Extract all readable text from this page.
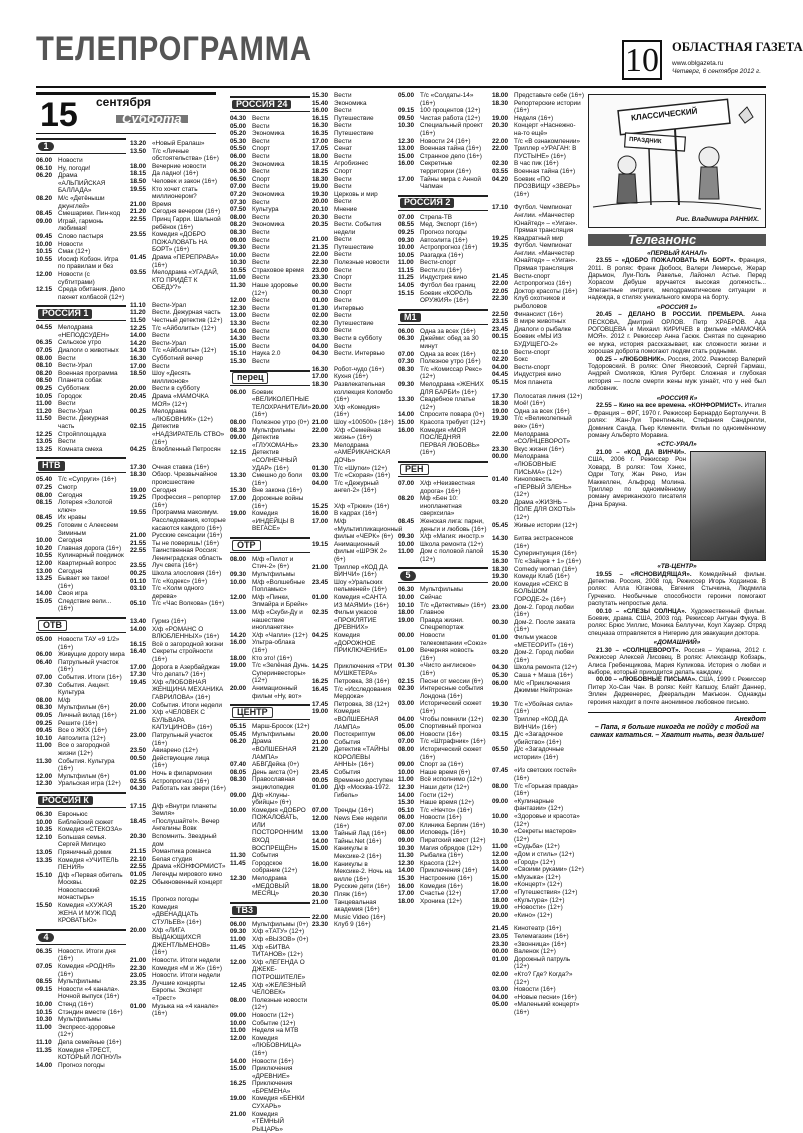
ТЕЛЕПРОГРАММА	10 ОБЛАСТНАЯ ГАЗЕТА
www.oblgazeta.ru
Четверг, 6 сентября 2012 г.
15 сентября
Суббота
1
06.00 Новости
06.10 Ну, погоди!
06.20 Драма «АЛЬПИЙСКАЯ БАЛЛАДА»
08.20 М/с «Детёныши джунглей»
08.45 Смешарики. Пин-код
09.00 Играй, гармонь любимая!
09.45 Слово пастыря
10.00 Новости
10.15 Смак (12+)
10.55 Иосиф Кобзон. Игра по правилам и без
12.00 Новости (с субтитрами)
12.15 Среда обитания. Дело пахнет колбасой (12+)
РОССИЯ 1
04.55 Мелодрама «НЕПОДСУДЕН»
06.35 Сельское утро
07.05 Диалоги о животных
08.00 Вести
08.10 Вести-Урал
08.20 Военная программа
08.50 Планета собак
09.25 Субботник
10.05 Городок
11.00 Вести
11.20 Вести-Урал
11.50 Вести. Дежурная часть
12.25 Стройплощадка
13.05 Вести
13.25 Комната смеха
НТВ
05.40 Т/с «Супруги» (16+)
07.25 Смотр
08.00 Сегодня
08.15 Лотерея «Золотой ключ»
08.45 Их нравы
09.25 Готовим с Алексеем Зиминым
10.00 Сегодня
10.20 Главная дорога (16+)
10.55 Кулинарный поединок
12.00 Квартирный вопрос
13.00 Сегодня
13.25 Бывает же такое! (16+)
14.00 Своя игра
15.05 Следствие вели... (16+)
ОТВ
05.00 Новости ТАУ «9 1/2» (16+)
06.00 Живущие дорогу мира
06.40 Патрульный участок (16+)
07.00 События. Итоги (16+)
07.30 События. Акцент. Культура
08.00 М/ф
08.30 Мультфильм (6+)
09.05 Личный вклад (16+)
09.25 Решите (16+)
09.45 Все о ЖКХ (16+)
10.10 Автоэлита (12+)
11.00 Все о загородной жизни (12+)
11.30 События. Культура (16+)
12.00 Мультфильм (6+)
12.30 Уральская игра (12+)
РОССИЯ К
06.30 Евроньюс
10.00 Библейский сюжет
10.35 Комедия «СТЕКОЗА»
12.10 Большая семья. Сергей Мигицко
13.05 Пряничный домик
13.35 Комедия «УЧИТЕЛЬ ПЕНИЯ»
15.10 Д/ф «Первая обитель Москвы. Новоспасский монастырь»
15.50 Комедия «ХУЖАЯ ЖЕНА И МУЖ ПОД КРОВАТЬЮ»
4
06.35 Новости. Итоги дня (16+)
07.05 Комедия «РОДНЯ» (16+)
08.55 Мультфильмы
09.15 Новости «4 канала». Ночной выпуск (16+)
10.00 Стенд (16+)
10.15 Стэндин вместе (16+)
10.30 Мультфильмы
11.00 Экспресс-здоровье (12+)
11.10 Дела семейные (16+)
11.35 Комедия «ТРЕСТ, КОТОРЫЙ ЛОПНУЛ»
14.00 Прогноз погоды
13.20 «Новый Ералаш»
13.50 Т/с «Личные обстоятельства» (16+)
18.00 Вечерние новости
18.15 Да ладно! (16+)
18.50 Человек и закон (16+)
19.55 Кто хочет стать миллионером?
21.00 Время
21.20 Сегодня вечером (16+)
22.55 Принц Гарри. Шальной ребёнок (16+)
23.55 Комедия «ДОБРО ПОЖАЛОВАТЬ НА БОРТ» (16+)
01.45 Драма «ПЕРЕПРАВА» (16+)
03.55 Мелодрама «УГАДАЙ, КТО ПРИДЁТ К ОБЕДУ?»
11.10 Вести-Урал
11.20 Вести. Дежурная часть
11.50 Честный детектив (12+)
12.25 Т/с «Айболиты» (12+)
14.00 Вести
14.20 Вести-Урал
14.30 Т/с «Айболиты» (12+)
16.30 Субботний вечер
17.00 Вести
18.50 Шоу «Десять миллионов»
20.00 Вести в субботу
20.45 Драма «МАМОЧКА МОЯ» (12+)
00.25 Мелодрама «ЛЮБОВНИК» (12+)
02.15 Детектив «НАДЗИРАТЕЛЬ СТВО» (16+)
04.25 Влюбленный Петросян
17.30 Очная ставка (16+)
18.30 Обзор. Чрезвычайное происшествие
19.00 Сегодня
19.25 Профессия – репортер (16+)
19.55 Программа максимум. Расследования, которые касаются каждого (16+)
21.00 Русские сенсации (16+)
21.55 Ты не поверишь! (16+)
22.55 Таинственная Россия: Ленинградская область
23.55 Луч света (16+)
00.25 Школа злословия (16+)
01.10 Т/с «Кодекс» (16+)
03.10 Т/с «Холм одного дерева»
05.10 Т/с «Час Волкова» (16+)
13.40 Гурмэ (16+)
14.00 Х/ф «РОМАНС О ВЛЮБЛЕННЫХ» (16+)
16.15 Всё о загородной жизни
16.40 Секреты стройности (16+)
17.00 Дорога в Азербайджан
17.30 Что делать? (16+)
19.45 Х/ф «ЛЮБОВНАЯ ЖЕНЩИНА МЕХАНИКА ГАВРИЛОВА» (16+)
20.00 События. Итоги недели
21.00 Х/ф «ЧЕЛОВЕК С БУЛЬВАРА КАПУЦИНОВ» (16+)
23.00 Патрульный участок (16+)
23.50 Авиарено (12+)
00.50 Действующие лица (16+)
01.00 Ночь в филармонии
02.55 Астропрогноз (16+)
04.30 Работать как звери (16+)
17.15 Д/ф «Внутри планеты Земля»
18.45 «Послушайте!». Вечер Ангелины Вовк
20.30 Вспомнить. Звездный дом
21.15 Романтика романса
22.10 Белая студия
22.55 Драма «КОНФОРМИСТ»
01.05 Легенды мирового кино
02.25 Обыкновенный концерт
15.15 Прогноз погоды
15.20 Комедия «ДВЕНАДЦАТЬ СТУЛЬЕВ» (16+)
20.00 Х/ф «ЛИГА ВЫДАЮЩИХСЯ ДЖЕНТЛЬМЕНОВ» (16+)
21.00 Новости. Итоги недели
22.30 Комедия «М и Ж» (16+)
23.05 Новости. Итоги недели
23.35 Лучшие концерты Европы. Эксперт «Трест»
01.00 Музыка на «4 канале» (16+)
РОССИЯ 24
04.30 Вести
05.00 Вести
05.20 Экономика
05.30 Вести
05.50 Спорт
06.00 Вести
06.20 Экономика
06.30 Вести
06.50 Спорт
07.00 Вести
07.20 Экономика
07.30 Вести
07.50 Культура
08.00 Вести
08.20 Экономика
08.30 Вести
09.00 Вести
09.30 Вести
10.00 Вести
10.30 Вести
10.55 Страховое время
11.00 Вести
11.30 Наше здоровье (12+)
12.00 Вести
12.30 Вести
13.00 Вести
13.30 Вести
14.00 Вести
14.30 Вести
15.00 Вести
15.10 Наука 2.0
15.30 Вести
перец
06.00 Боевик «ВЕЛИКОЛЕПНЫЕ ТЕЛОХРАНИТЕЛИ» (16+)
08.00 Полезное утро (0+)
08.30 Мультфильмы
09.00 Детектив «ГЛУХОМАНЬ»
12.15 Детектив «СОЛНЕЧНЫЙ УДАР» (16+)
13.30 Смешно до боли (16+)
15.30 Вне закона (16+)
17.00 Дорожные войны (16+)
19.00 Комедия «ИНДЕЙЦЫ В ВЕГАСЕ»
ОТР
08.00 М/ф «Пилот и Стич-2» (6+)
09.30 Мультфильмы
10.00 М/ф «Волшебные Попламыс»
12.00 М/ф «Пинки, Элмайра и Брейн»
13.00 М/ф «Скуби-Ду и нашествие инопланетян»
14.20 Х/ф «Чапли» (12+)
16.00 Ультра-облака (16+)
18.00 Кто это! (16+)
19.00 Т/с «Зелёная Дунь. Суперинвесторы» (12+)
20.00 Анимационный фильм «Ну, вот»
ЦЕНТР
05.15 Марш-Бросок (12+)
05.45 Мультфильмы
06.20 Драма «ВОЛШЕБНАЯ ЛАМПА»
07.40 АБВГДейка (0+)
08.05 День аиста (0+)
08.30 Православная энциклопедия
09.00 Д/ф «Клуны-убийцы» (6+)
10.00 Комедия «ДОБРО ПОЖАЛОВАТЬ, ИЛИ ПОСТОРОННИМ ВХОД ВОСПРЕЩЁН»
11.30 События
11.45 Городское собрание (12+)
12.30 Мелодрама «МЕДОВЫЙ МЕСЯЦ»
ТВ3
06.00 Мультфильмы (0+)
09.30 Х/ф «ТАТУ» (12+)
11.00 Х/ф «ВЫЗОВ» (0+)
11.45 Х/ф «БИТВА ТИТАНОВ» (12+)
12.00 Х/ф «ЛЕГЕНДА О ДЖЕКЕ-ПОТРОШИТЕЛЕ»
12.45 Х/ф «ЖЕЛЕЗНЫЙ ЧЕЛОВЕК»
08.00 Полезные новости (12+)
09.00 Новости (12+)
10.00 Событие (12+)
11.00 Неделя на МТВ
12.00 Комедия «ЛЮБОВНИЦА» (16+)
14.00 Новости (16+)
15.00 Приключения «ДРЕВНИЕ»
16.25 Приключения «БРЕМЕНА»
19.00 Комедия «БЕНКИ СУХАРЬ»
21.00 Комедия «ТЁМНЫЙ РЫЦАРЬ»
15.30 Вести
15.40 Экономика
16.00 Вести
16.15 Путешествие
16.30 Вести
16.35 Путешествие
17.00 Вести
17.05 Сенат
18.00 Вести
18.15 Агробизнес
18.25 Спорт
18.30 Вести
19.00 Вести
19.30 Церковь и мир
20.00 Вести
20.10 Мнение
20.30 Вести
20.35 Вести. События недели
21.00 Вести
21.35 Путешествие
22.00 Вести
22.30 Полезные новости
23.00 Вести
23.30 Спорт
00.00 Вести
00.30 Спорт
01.00 Вести
01.30 Интервью
02.00 Вести
02.30 Путешествие
03.00 Вести
03.30 Вести в субботу
04.00 Вести
04.30 Вести. Интервью
16.30 Робот-чудо (16+)
17.00 Кухня (16+)
18.30 Развлекательная коллекция Коломбо (16+)
20.00 Х/ф «Комедия» (16+)
21.00 Шоу «100500» (18+)
22.00 Х/ф «Семейная жизнь» (16+)
23.30 Мелодрама «АМЕРИКАНСКАЯ ДОЧЬ»
01.30 Т/с «Шутки» (12+)
03.00 Т/с «Скорая» (16+)
04.00 Т/с «Дежурный ангел-2» (16+)
15.25 Х/ф «Трюки» (16+)
16.00 В кадрах (16+)
17.00 М/ф «Мультипликационный фильм «ЧЕРК» (6+)
19.15 Анимационный фильм «ШРЭК 2» (6+)
21.00 Триллер «КОД ДА ВИНЧИ» (16+)
23.45 Шоу «Уральских пельменей» (16+)
01.00 Комедия «САНТА ИЗ МАЯМИ» (16+)
02.35 Фильм ужасов «ПРОКЛЯТИЕ ДРЕВНИХ»
04.25 Комедия «ДОРОЖНОЕ ПРИКЛЮЧЕНИЕ»
14.25 Приключения «ТРИ МУШКЕТЕРА»
16.25 Петровка, 38 (16+)
16.45 Т/с «Исследования Мердока»
17.45 Петровка, 38 (12+)
19.00 Комедия «ВОЛШЕБНАЯ ЛАМПА»
20.00 Постскриптум
21.00 События
21.20 Детектив «ТАЙНЫ КОРОЛЕВЫ АННЫ» (16+)
23.45 События
00.05 Временно доступен
01.00 Д/ф «Москва-1972. Гибель»
07.00 Тренды (16+)
12.00 News Еже недели (16+)
13.00 Тайный Лад (16+)
14.00 Тайны.Net (16+)
15.00 Каникулы в Мексике-2 (16+)
16.00 Каникулы в Мексике-2. Ночь на вилле (16+)
18.00 Русские дети (16+)
20.30 Пляж (16+)
21.00 Танцевальная академия (16+)
22.00 Music Video (16+)
23.30 Клуб 9 (16+)
05.00 Т/с «Солдаты-14» (16+)
09.15 100 процентов (12+)
09.50 Чистая работа (12+)
10.30 Специальный проект (16+)
12.30 Новости 24 (16+)
13.00 Военная тайна (16+)
15.00 Странное дело (16+)
16.00 Секретные территории (16+)
17.00 Тайны мира с Анной Чапман
РОССИЯ 2
07.00 Стрела-ТВ
08.55 Мед. Экспорт (16+)
09.25 Прогноз погоды
09.30 Автоэлита (16+)
10.00 Астропрогноз (16+)
10.05 Разгадка (16+)
11.00 Вести-спорт
11.15 Вести.ru (16+)
11.25 Индустрия кино
14.05 Футбол без границ
15.15 Боевик «КОРОЛЬ ОРУЖИЯ» (16+)
М1
06.00 Одна за всех (16+)
06.30 Джейми: обед за 30 минут
07.00 Одна за всех (16+)
07.30 Полезное утро (16+)
08.30 Т/с «Комиссар Рекс» (12+)
09.30 Мелодрама «ЖЕНИХ ДЛЯ БАРБИ» (16+)
13.30 Свадебное платье (12+)
14.00 Спросите повара (0+)
15.00 Красота требует (12+)
16.00 Комедия «МОЯ ПОСЛЕДНЯЯ ПЕРВАЯ ЛЮБОВЬ» (16+)
РЕН
07.00 Х/ф «Неизвестная дорога» (16+)
08.20 Мф «Бен 10: инопланетная сверхсила»
08.45 Женская лига: парни, деньги и любовь (16+)
09.30 Х/ф «Магия: иностр.»
10.00 Школа ремонта (12+)
11.00 Дом с половой лапой (12+)
5
06.30 Мультфильмы
10.00 Сейчас
10.10 Т/с «Детективы» (16+)
18.00 Главное
19.00 Правда жизни. Спецрепортаж
00.00 Новости телекомпании «Союз»
01.00 Вечерняя новость (16+)
01.30 «Чисто англиское» (16+)
02.15 Песни от мессии (6+)
02.30 Интересные события Лондона (16+)
03.00 Исторический сюжет (16+)
04.00 Чтобы помнили (12+)
05.00 Спортивный прогноз
06.00 Новости (16+)
07.00 Т/с «Штрафник» (16+)
08.00 Исторический сюжет (16+)
09.00 Спорт за (16+)
10.00 Наше время (6+)
11.00 Всё исполнимо (12+)
12.30 Наши дети (12+)
14.00 Гости (12+)
15.30 Наше время (12+)
05.10 Т/с «Нечто» (16+)
06.00 Новости (16+)
07.00 Клиника Берлин (16+)
08.00 Исповедь (16+)
09.00 Пиратский квест (12+)
10.30 Магия обрядов (12+)
11.30 Рыбалка (16+)
12.30 Красота (12+)
14.00 Приключения (16+)
15.30 Настроение (16+)
16.00 Комедия (16+)
17.00 Счастье (12+)
18.00 Хроника (12+)
18.00 Представьте себе (16+)
18.30 Репортерские истории (16+)
19.00 Неделя (16+)
20.30 Концерт «Наснежно-на-то ещё»
22.00 Т/с «В ознакомлении»
22.00 Триллер «УРАГАН: В ПУСТЫНЕ» (16+)
02.30 В час пик (16+)
03.55 Военная тайна (16+)
04.20 Боевик «ПО ПРОЗВИЩУ «ЗВЕРЬ» (16+)
17.10 Футбол. Чемпионат Англии. «Манчестер Юнайтед» – «Уиган». Прямая трансляция
19.25 Квадратный мир
19.35 Футбол. Чемпионат Англии. «Манчестер Юнайтед» – «Уиган». Прямая трансляция
21.45 Вести-спорт
22.00 Астропрогноз (16+)
22.05 Доктор красоты (16+)
22.30 Клуб охотников и рыболовов
22.50 Финансист (16+)
23.15 В мире животных
23.45 Диалоги о рыбалке
00.15 Боевик «МЫ ИЗ БУДУЩЕГО-2»
02.10 Вести-спорт
02.20 Бокс
04.00 Вести-спорт
04.45 Индустрия кино
05.15 Моя планета
17.30 Полосатая линия (12+)
18.30 Моё! (16+)
19.00 Одна за всех (16+)
19.30 Т/с «Великолепный век» (16+)
22.00 Мелодрама «СОЛНЦЕВОРОТ»
23.30 Вкус жизни (16+)
00.00 Мелодрама «ЛЮБОВНЫЕ ПИСЬМА» (12+)
01.40 Киноповесть «ПЕРВЫЙ ЗЛЕНЬ» (12+)
03.20 Драма «ЖИЗНЬ – ПОЛЕ ДЛЯ ОХОТЫ» (12+)
05.45 Живые истории (12+)
14.30 Битва экстрасенсов (16+)
15.30 Суперинтуиция (16+)
16.30 Т/с «Зайцев + 1» (16+)
18.30 Comedy woman (16+)
19.30 Комеди Клаб (16+)
20.00 Комедия «СЕКС В БОЛЬШОМ ГОРОДЕ-2» (16+)
23.00 Дом-2. Город любви (16+)
00.30 Дом-2. После заката (16+)
01.00 Фильм ужасов «МЕТЕОРИТ» (16+)
03.20 Дом-2. Город любви (16+)
04.30 Школа ремонта (12+)
05.30 Саша + Маша (16+)
06.00 М/с «Приключения Джимми Нейтрона»
19.30 Т/с «Убойная сила» (16+)
02.30 Триллер «КОД ДА ВИНЧИ» (16+)
03.15 Д/с «Загадочное убийство» (16+)
05.50 Д/с «Загадочные истории» (16+)
07.45 «Из светских гостей» (16+)
08.00 Т/с «Горькая правда» (16+)
09.00 «Кулинарные фантазии» (12+)
10.00 «Здоровье и красота» (12+)
10.30 «Секреты мастеров» (12+)
11.00 «Судьба» (12+)
12.00 «Дом и стиль» (12+)
13.00 «Город» (12+)
14.00 «Своими руками» (12+)
15.00 «Музыка» (12+)
16.00 «Концерт» (12+)
17.00 «Путешествия» (12+)
18.00 «Культура» (12+)
19.00 «Новости» (12+)
20.00 «Кино» (12+)
21.45 Кинотеатр (16+)
23.05 Телемагазин (16+)
23.30 «Звонница» (16+)
00.00 Валенок (12+)
01.00 Дорожный патруль (12+)
02.00 «Кто? Где? Когда?» (12+)
03.00 Новости (16+)
04.00 «Новые песни» (16+)
05.00 «Маленький концерт» (16+)
КЛАССИЧЕСКИЙ
ПРАЗДНИК
Рис. Владимира РАННИХ.
Телеанонс
«ПЕРВЫЙ КАНАЛ»
23.55 – «ДОБРО ПОЖАЛОВАТЬ НА БОРТ». Франция, 2011. В ролях: Франк Дюбоск, Валери Лемерсье, Жерар Дарьмон, Луи-Поль Ракелье, Лайонел Астье. Перед Хорасом Дебуше вручается высокая должность... Элегантные интриги, мелодраматические ситуации и надежда, в стилях уникального юмора на борту.
«РОССИЯ 1»
20.45 – ДЕЛАНО В РОССИИ. ПРЕМЬЕРА. Анна ПЕСКОВА, Дмитрий ОРЛОВ. Петр ХРАБРОВ. Ада РОГОВЦЕВА и Михаил КИРИЧЕВ в фильме «МАМОЧКА МОЯ». 2012 г. Режиссер Анна Гасюк. Снятая по сценарию ее мужа, история рассказывает, как сложности жизни и хорошая доброта помогают людям стать родными.
00.25 – «ЛЮБОВНИК». Россия, 2002. Режиссер Валерий Тодоровский. В ролях: Олег Янковский, Сергей Гармаш, Андрей Смоляков, Юлия Рутберг. Сложная и глубокая история — после смерти жены муж узнаёт, что у неё был любовник.
«РОССИЯ К»
22.55 – Кино на все времена. «КОНФОРМИСТ». Италия – Франция – ФРГ, 1970 г. Режиссер Бернардо Бертолуччи. В ролях: Жан-Луи Трентиньян, Стефания Сандрелли, Доминик Санда, Пьер Клементи. Фильм по одноимённому роману Альберто Моравиа.
«СТС-УРАЛ»
21.00 – «КОД ДА ВИНЧИ». США, 2006 г. Режиссер Рон Ховард. В ролях: Том Хэнкс, Одри Тоту, Жан Рено, Иэн Маккеллен, Альфред Молина. Триллер по одноимённому роману американского писателя Дэна Брауна.
«ТВ-ЦЕНТР»
19.55 – «ЯСНОВИДЯЩАЯ». Комедийный фильм. Детектив. Россия, 2008 год. Режиссер Игорь Ходзинов. В ролях: Алла Юганова, Евгения Стычкина, Людмила Гурченко. Необычные способности героини помогают распутать непростые дела.
00.10 – «СЛЕЗЫ СОЛНЦА». Художественный фильм. Боевик, драма. США, 2003 год. Режиссер Антуан Фукуа. В ролях: Брюс Уиллис, Моника Беллуччи, Коул Хаузер. Отряд спецназа отправляется в Нигерию для эвакуации доктора.
«ДОМАШНИЙ»
21.30 – «СОЛНЦЕВОРОТ». Россия – Украина, 2012 г. Режиссер Алексей Лисовец. В ролях: Александр Кобзарь, Алиса Гребенщикова, Мария Куликова. История о любви и выборе, который приходится делать каждому.
00.00 – «ЛЮБОВНЫЕ ПИСЬМА». США, 1999 г. Режиссер Питер Хо-Сан Чан. В ролях: Кейт Капшоу, Блайт Даннер, Эллен Дедженерес, Джеральдин Макъюэн. Однажды героиня находит в почте анонимное любовное письмо.
Анекдот
– Папа, я больше никогда не пойду с тобой на санках кататься. – Хватит ныть, везя дальше!
